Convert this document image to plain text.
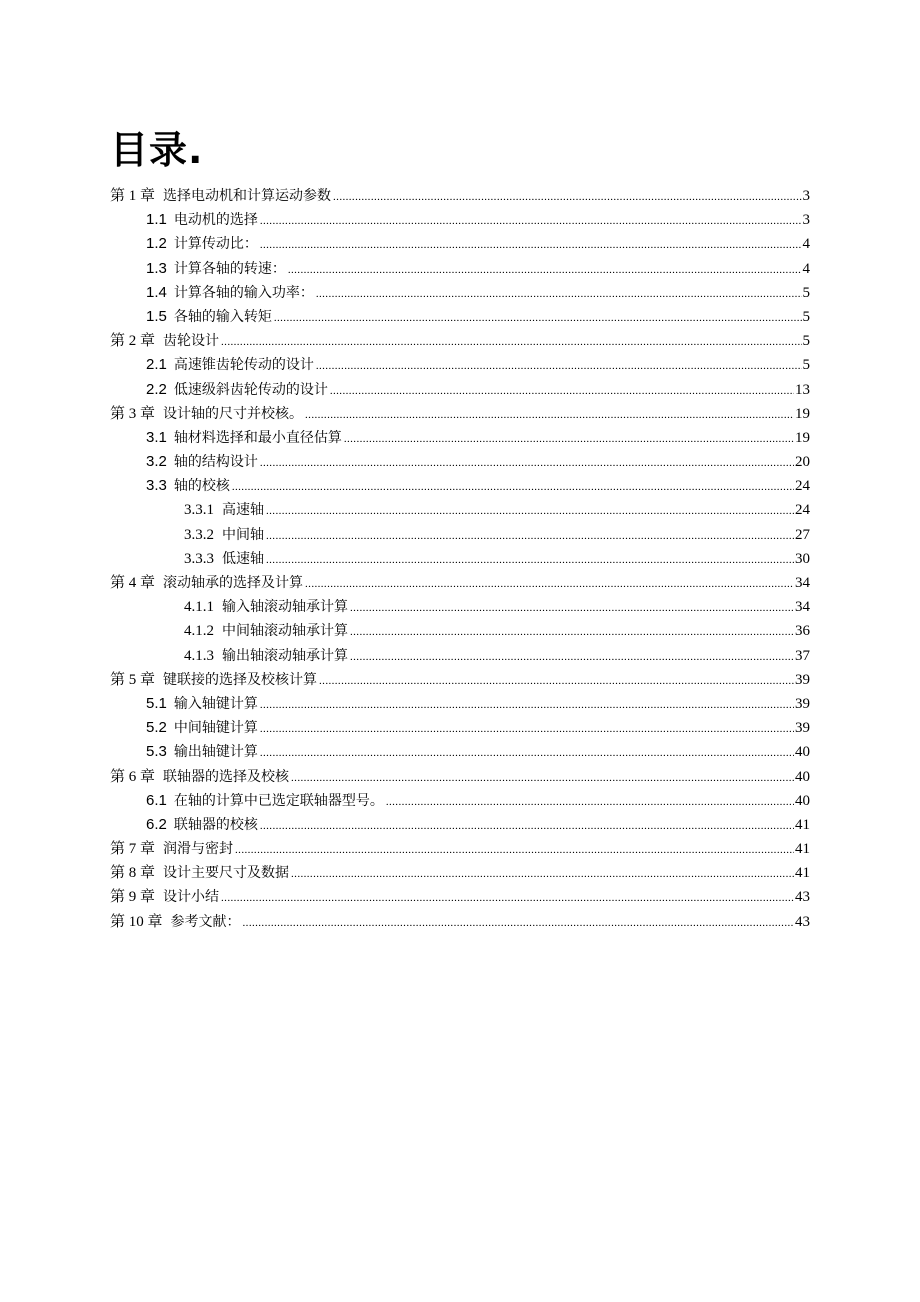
目录.
第 1 章 选择电动机和计算运动参数 .....	3
1.1 电动机的选择 .....	3
1.2 计算传动比： .....	4
1.3 计算各轴的转速： .....	4
1.4 计算各轴的输入功率： .....	5
1.5 各轴的输入转矩 .....	5
第 2 章 齿轮设计 .....	5
2.1 高速锥齿轮传动的设计 .....	5
2.2 低速级斜齿轮传动的设计 .....	13
第 3 章 设计轴的尺寸并校核。 .....	19
3.1 轴材料选择和最小直径估算 .....	19
3.2 轴的结构设计 .....	20
3.3 轴的校核 .....	24
3.3.1 高速轴 .....	24
3.3.2 中间轴 .....	27
3.3.3 低速轴 .....	30
第 4 章 滚动轴承的选择及计算 .....	34
4.1.1 输入轴滚动轴承计算 .....	34
4.1.2 中间轴滚动轴承计算 .....	36
4.1.3 输出轴滚动轴承计算 .....	37
第 5 章 键联接的选择及校核计算 .....	39
5.1 输入轴键计算 .....	39
5.2 中间轴键计算 .....	39
5.3 输出轴键计算 .....	40
第 6 章 联轴器的选择及校核 .....	40
6.1 在轴的计算中已选定联轴器型号。 .....	40
6.2 联轴器的校核 .....	41
第 7 章 润滑与密封 .....	41
第 8 章 设计主要尺寸及数据 .....	41
第 9 章 设计小结 .....	43
第 10 章 参考文献： .....	43
